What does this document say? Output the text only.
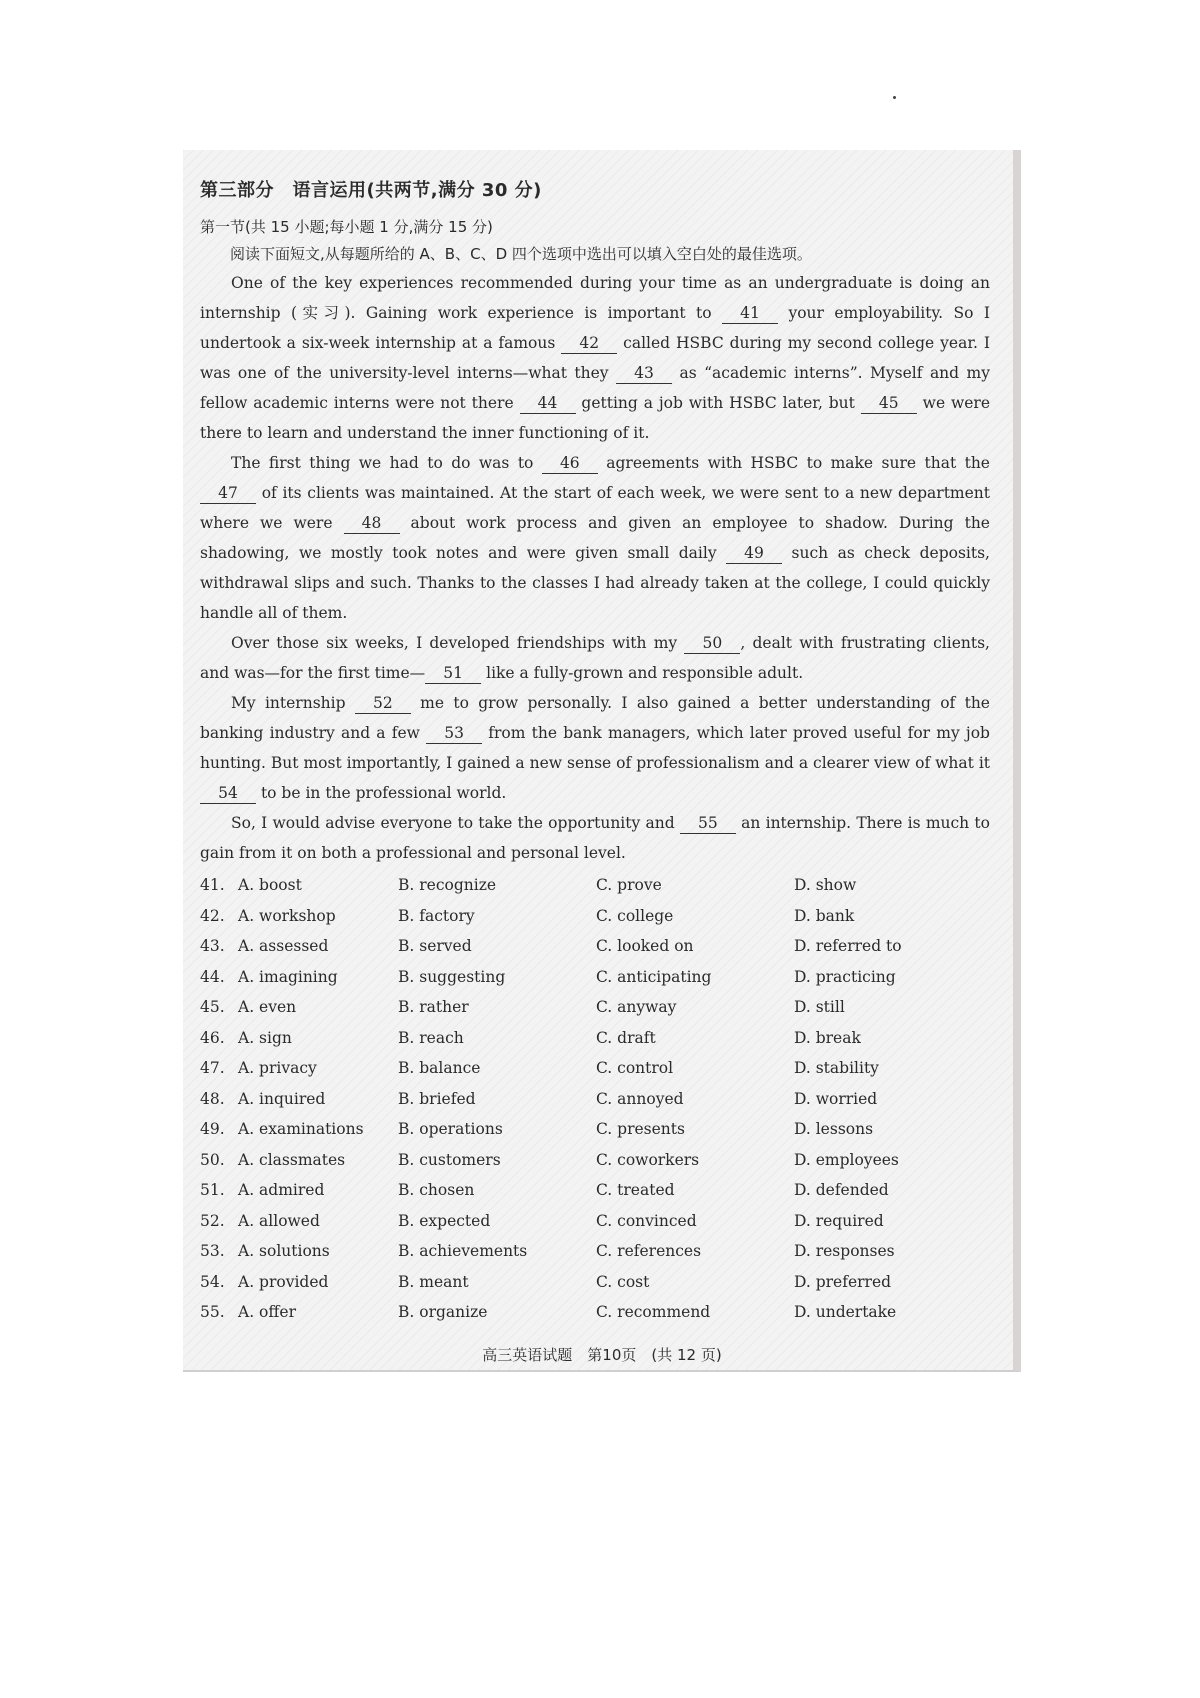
第三部分　语言运用(共两节,满分 30 分)
第一节(共 15 小题;每小题 1 分,满分 15 分)
阅读下面短文,从每题所给的 A、B、C、D 四个选项中选出可以填入空白处的最佳选项。

One of the key experiences recommended during your time as an undergraduate is doing an internship (实习). Gaining work experience is important to 41 your employability. So I undertook a six-week internship at a famous 42 called HSBC during my second college year. I was one of the university-level interns—what they 43 as “academic interns”. Myself and my fellow academic interns were not there 44 getting a job with HSBC later, but 45 we were there to learn and understand the inner functioning of it.

The first thing we had to do was to 46 agreements with HSBC to make sure that the 47 of its clients was maintained. At the start of each week, we were sent to a new department where we were 48 about work process and given an employee to shadow. During the shadowing, we mostly took notes and were given small daily 49 such as check deposits, withdrawal slips and such. Thanks to the classes I had already taken at the college, I could quickly handle all of them.

Over those six weeks, I developed friendships with my 50 , dealt with frustrating clients, and was—for the first time— 51 like a fully-grown and responsible adult.

My internship 52 me to grow personally. I also gained a better understanding of the banking industry and a few 53 from the bank managers, which later proved useful for my job hunting. But most importantly, I gained a new sense of professionalism and a clearer view of what it 54 to be in the professional world.

So, I would advise everyone to take the opportunity and 55 an internship. There is much to gain from it on both a professional and personal level.

41. A. boost	B. recognize	C. prove	D. show
42. A. workshop	B. factory	C. college	D. bank
43. A. assessed	B. served	C. looked on	D. referred to
44. A. imagining	B. suggesting	C. anticipating	D. practicing
45. A. even	B. rather	C. anyway	D. still
46. A. sign	B. reach	C. draft	D. break
47. A. privacy	B. balance	C. control	D. stability
48. A. inquired	B. briefed	C. annoyed	D. worried
49. A. examinations	B. operations	C. presents	D. lessons
50. A. classmates	B. customers	C. coworkers	D. employees
51. A. admired	B. chosen	C. treated	D. defended
52. A. allowed	B. expected	C. convinced	D. required
53. A. solutions	B. achievements	C. references	D. responses
54. A. provided	B. meant	C. cost	D. preferred
55. A. offer	B. organize	C. recommend	D. undertake
高三英语试题　第10页　(共 12 页)
